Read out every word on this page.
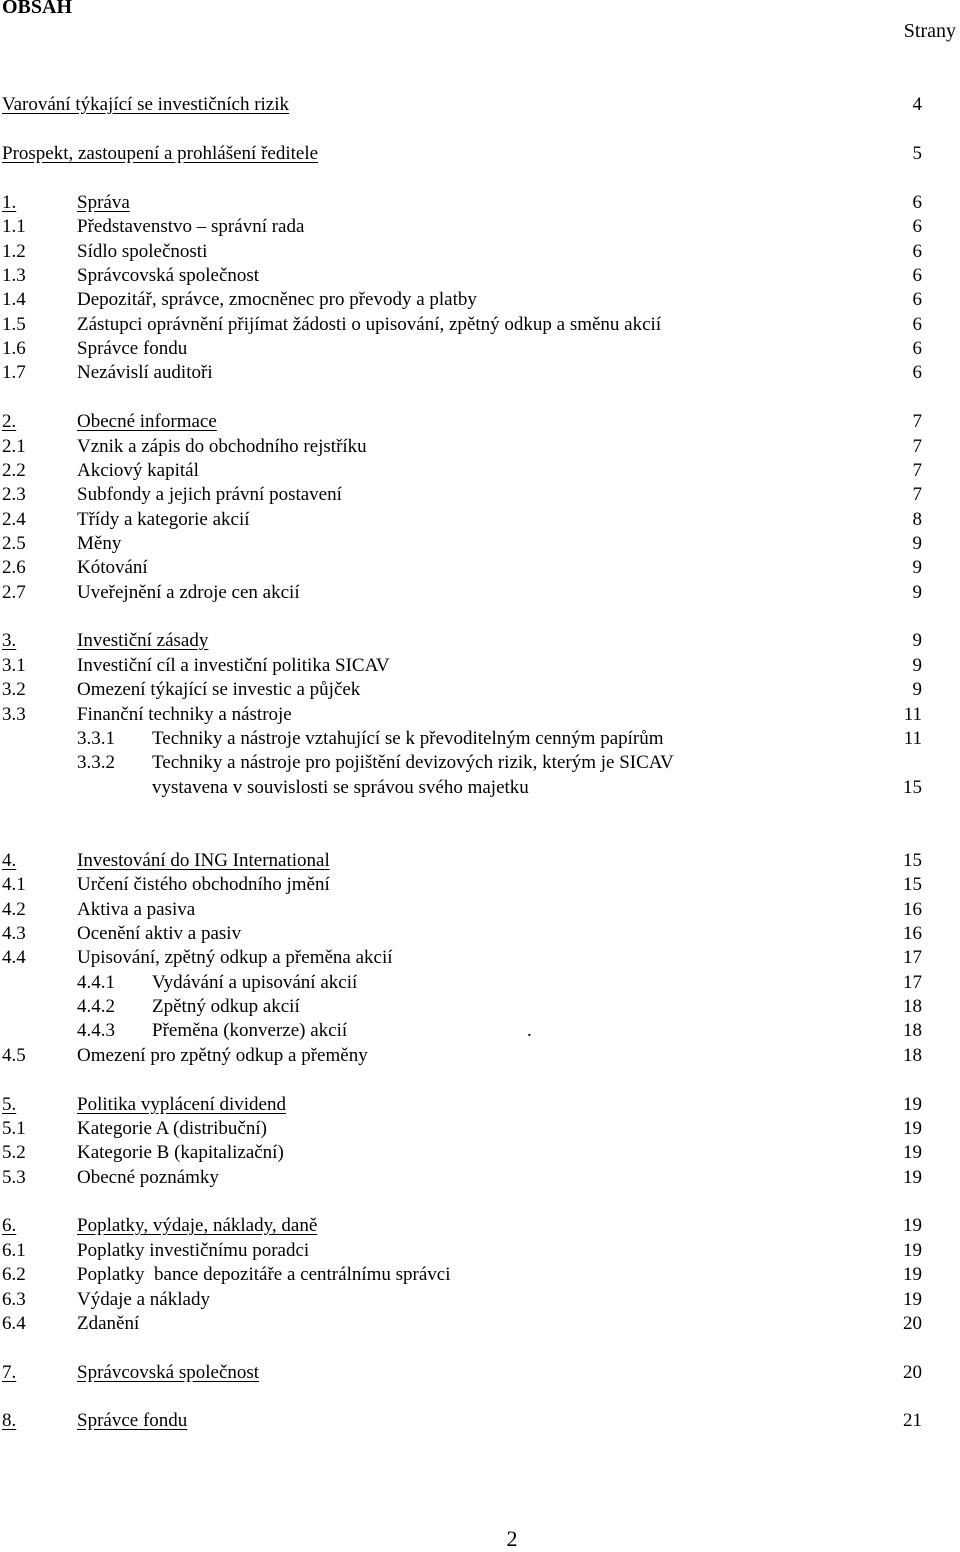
OBSAH
Strany
Varování týkající se investičních rizik	4
Prospekt, zastoupení a prohlášení ředitele	5
1.	Správa	6
1.1	Představenstvo – správní rada	6
1.2	Sídlo společnosti	6
1.3	Správcovská společnost	6
1.4	Depozitář, správce, zmocněnec pro převody a platby	6
1.5	Zástupci oprávnění přijímat žádosti o upisování, zpětný odkup a směnu akcií	6
1.6	Správce fondu	6
1.7	Nezávislí auditoři	6
2.	Obecné informace	7
2.1	Vznik a zápis do obchodního rejstříku	7
2.2	Akciový kapitál	7
2.3	Subfondy a jejich právní postavení	7
2.4	Třídy a kategorie akcií	8
2.5	Měny	9
2.6	Kótování	9
2.7	Uveřejnění a zdroje cen akcií	9
3.	Investiční zásady	9
3.1	Investiční cíl a investiční politika SICAV	9
3.2	Omezení týkající se investic a půjček	9
3.3	Finanční techniky a nástroje	11
3.3.1 Techniky a nástroje vztahující se k převoditelným cenným papírům	11
3.3.2 Techniky a nástroje pro pojištění devizových rizik, kterým je SICAV
vystavena v souvislosti se správou svého majetku	15
4.	Investování do ING International	15
4.1	Určení čistého obchodního jmění	15
4.2	Aktiva a pasiva	16
4.3	Ocenění aktiv a pasiv	16
4.4	Upisování, zpětný odkup a přeměna akcií	17
4.4.1 Vydávání a upisování akcií	17
4.4.2 Zpětný odkup akcií	18
4.4.3 Přeměna (konverze) akcií	.	18
4.5	Omezení pro zpětný odkup a přeměny	18
5.	Politika vyplácení dividend	19
5.1	Kategorie A (distribuční)	19
5.2	Kategorie B (kapitalizační)	19
5.3	Obecné poznámky	19
6.	Poplatky, výdaje, náklady, daně	19
6.1	Poplatky investičnímu poradci	19
6.2	Poplatky  bance depozitáře a centrálnímu správci	19
6.3	Výdaje a náklady	19
6.4	Zdanění	20
7.	Správcovská společnost	20
8.	Správce fondu	21
2
